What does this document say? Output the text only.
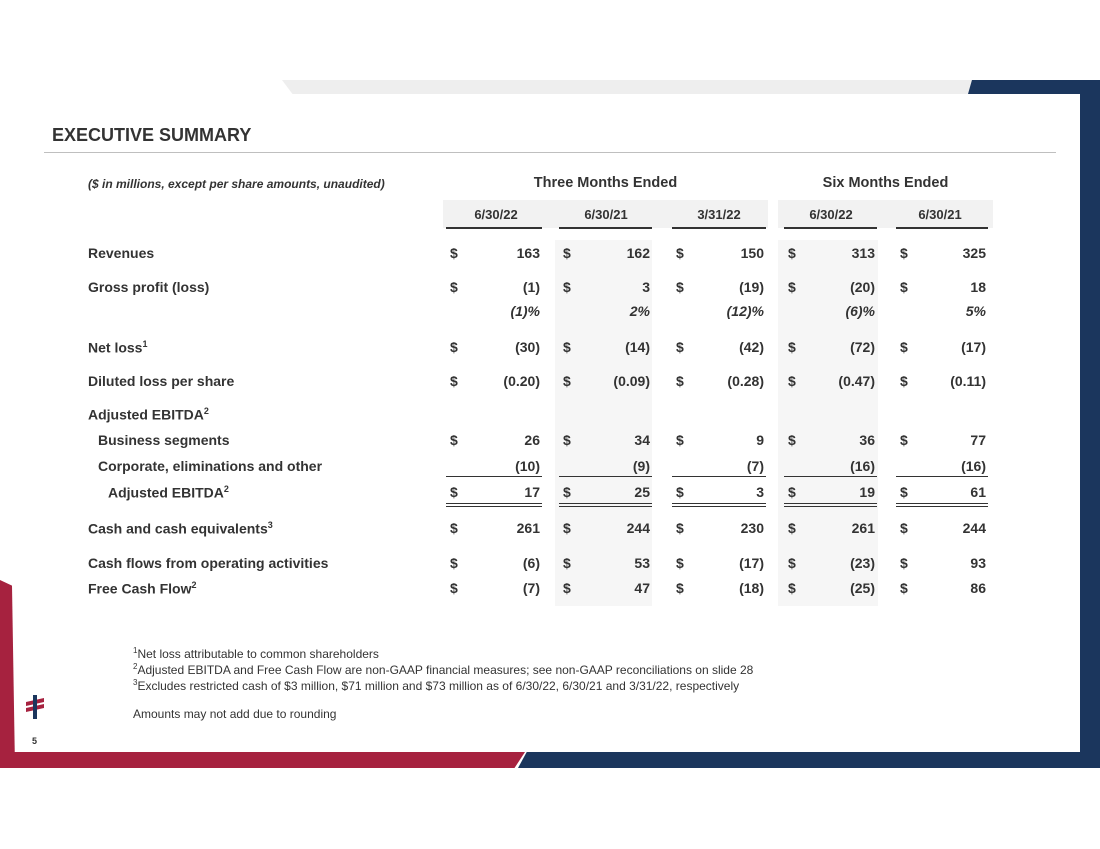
EXECUTIVE SUMMARY
($ in millions, except per share amounts, unaudited)	Three Months Ended	Six Months Ended
6/30/22	6/30/21	3/31/22	6/30/22	6/30/21
Revenues	$	163 $	162 $	150 $	313 $	325
Gross profit (loss)	$	(1) $	3 $	(19) $	(20) $	18
(1)%	2%	(12)%	(6)%	5%
Net loss$^1$	$	(30) $	(14) $	(42) $	(72) $	(17)
Diluted loss per share	$	(0.20) $	(0.09) $	(0.28) $	(0.47) $	(0.11)
Adjusted EBITDA$^2$
Business segments	$	26 $	34 $	9 $	36 $	77
Corporate, eliminations and other	(10)	(9)	(7)	(16)	(16)
Adjusted EBITDA$^2$	$	17 $	25 $	3 $	19 $	61
Cash and cash equivalents$^3$	$	261 $	244 $	230 $	261 $	244
Cash flows from operating activities	$	(6) $	53 $	(17) $	(23) $	93
Free Cash Flow$^2$	$	(7) $	47 $	(18) $	(25) $	86
$^1$Net loss attributable to common shareholders
$^2$Adjusted EBITDA and Free Cash Flow are non-GAAP financial measures; see non-GAAP reconciliations on slide 28
$^3$Excludes restricted cash of $3 million, $71 million and $73 million as of 6/30/22, 6/30/21 and 3/31/22, respectively
Amounts may not add due to rounding
5
